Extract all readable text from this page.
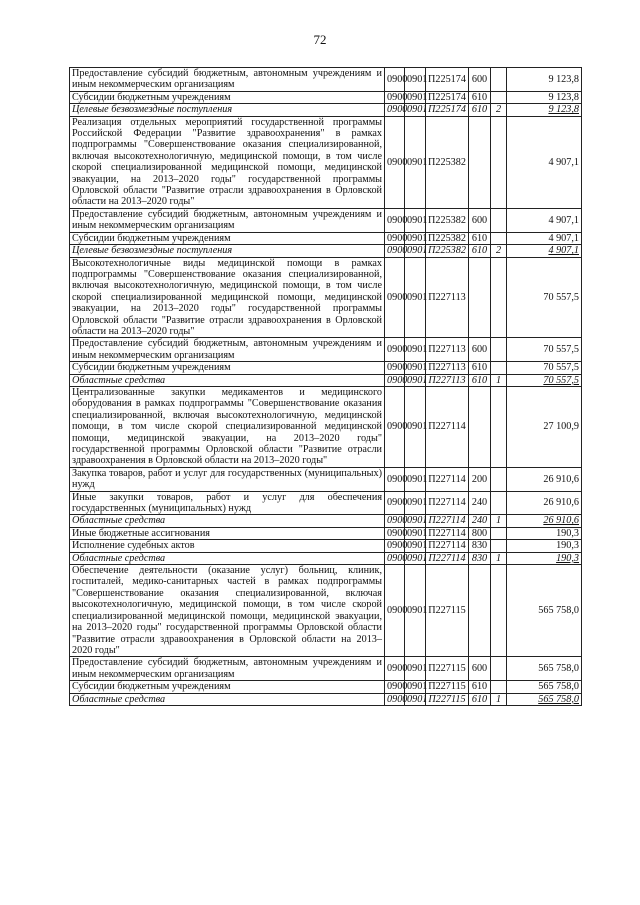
72
Предоставление субсидий бюджетным, автономным учреждениям и иным некоммерческим организациям	0900	0901	П225174	600		9 123,8
Субсидии бюджетным учреждениям	0900	0901	П225174	610		9 123,8
Целевые безвозмездные поступления	0900	0901	П225174	610	2	9 123,8
Реализация отдельных мероприятий государственной программы Российской Федерации "Развитие здравоохранения" в рамках подпрограммы "Совершенствование оказания специализированной, включая высокотехнологичную, медицинской помощи, в том числе скорой специализированной медицинской помощи, медицинской эвакуации, на 2013–2020 годы" государственной программы Орловской области "Развитие отрасли здравоохранения в Орловской области на 2013–2020 годы"	0900	0901	П225382			4 907,1
Предоставление субсидий бюджетным, автономным учреждениям и иным некоммерческим организациям	0900	0901	П225382	600		4 907,1
Субсидии бюджетным учреждениям	0900	0901	П225382	610		4 907,1
Целевые безвозмездные поступления	0900	0901	П225382	610	2	4 907,1
Высокотехнологичные виды медицинской помощи в рамках подпрограммы "Совершенствование оказания специализированной, включая высокотехнологичную, медицинской помощи, в том числе скорой специализированной медицинской помощи, медицинской эвакуации, на 2013–2020 годы" государственной программы Орловской области "Развитие отрасли здравоохранения в Орловской области на 2013–2020 годы"	0900	0901	П227113			70 557,5
Предоставление субсидий бюджетным, автономным учреждениям и иным некоммерческим организациям	0900	0901	П227113	600		70 557,5
Субсидии бюджетным учреждениям	0900	0901	П227113	610		70 557,5
Областные средства	0900	0901	П227113	610	1	70 557,5
Централизованные закупки медикаментов и медицинского оборудования в рамках подпрограммы "Совершенствование оказания специализированной, включая высокотехнологичную, медицинской помощи, в том числе скорой специализированной медицинской помощи, медицинской эвакуации, на 2013–2020 годы" государственной программы Орловской области "Развитие отрасли здравоохранения в Орловской области на 2013–2020 годы"	0900	0901	П227114			27 100,9
Закупка товаров, работ и услуг для государственных (муниципальных) нужд	0900	0901	П227114	200		26 910,6
Иные закупки товаров, работ и услуг для обеспечения государственных (муниципальных) нужд	0900	0901	П227114	240		26 910,6
Областные средства	0900	0901	П227114	240	1	26 910,6
Иные бюджетные ассигнования	0900	0901	П227114	800		190,3
Исполнение судебных актов	0900	0901	П227114	830		190,3
Областные средства	0900	0901	П227114	830	1	190,3
Обеспечение деятельности (оказание услуг) больниц, клиник, госпиталей, медико-санитарных частей в рамках подпрограммы "Совершенствование оказания специализированной, включая высокотехнологичную, медицинской помощи, в том числе скорой специализированной медицинской помощи, медицинской эвакуации, на 2013–2020 годы" государственной программы Орловской области "Развитие отрасли здравоохранения в Орловской области на 2013–2020 годы"	0900	0901	П227115			565 758,0
Предоставление субсидий бюджетным, автономным учреждениям и иным некоммерческим организациям	0900	0901	П227115	600		565 758,0
Субсидии бюджетным учреждениям	0900	0901	П227115	610		565 758,0
Областные средства	0900	0901	П227115	610	1	565 758,0
